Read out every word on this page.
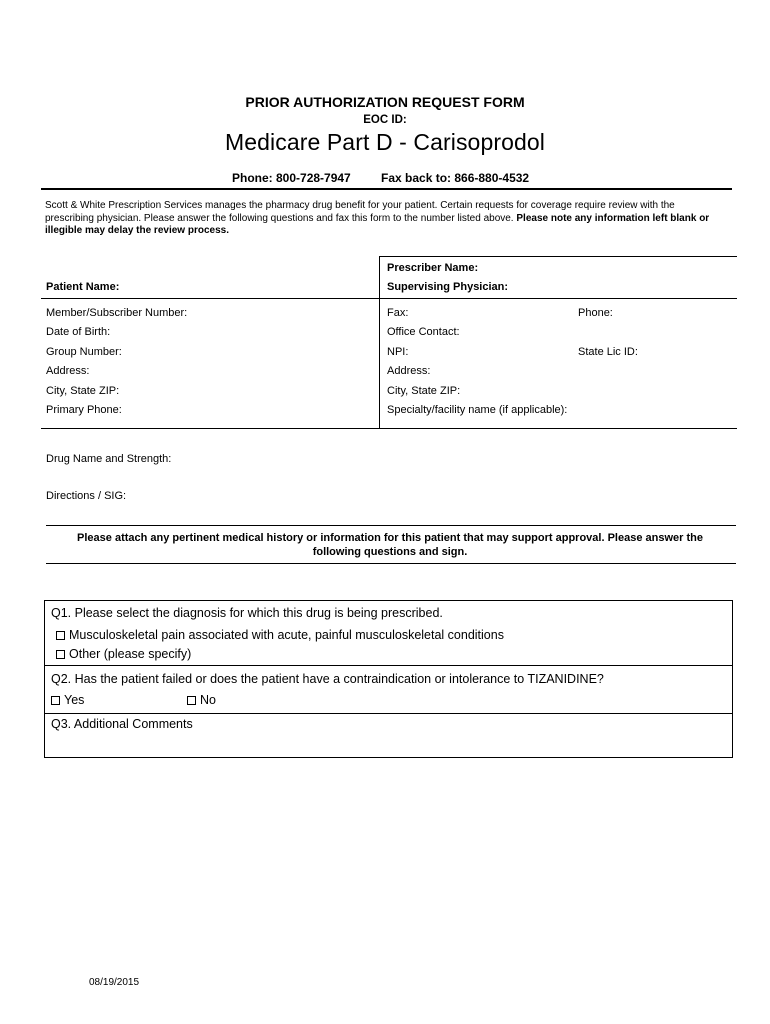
PRIOR AUTHORIZATION REQUEST FORM
EOC ID:
Medicare Part D - Carisoprodol
Phone: 800-728-7947	Fax back to: 866-880-4532
Scott & White Prescription Services manages the pharmacy drug benefit for your patient. Certain requests for coverage require review with the prescribing physician. Please answer the following questions and fax this form to the number listed above. Please note any information left blank or illegible may delay the review process.
Patient Name:
Prescriber Name:
Supervising Physician:
Member/Subscriber Number:
Date of Birth:
Group Number:
Address:
City, State ZIP:
Primary Phone:
Fax:	Phone:
Office Contact:
NPI:	State Lic ID:
Address:
City, State ZIP:
Specialty/facility name (if applicable):
Drug Name and Strength:
Directions / SIG:
Please attach any pertinent medical history or information for this patient that may support approval. Please answer the
following questions and sign.
Q1. Please select the diagnosis for which this drug is being prescribed.
Musculoskeletal pain associated with acute, painful musculoskeletal conditions
Other (please specify)
Q2. Has the patient failed or does the patient have a contraindication or intolerance to TIZANIDINE?
Yes	No
Q3. Additional Comments
08/19/2015
